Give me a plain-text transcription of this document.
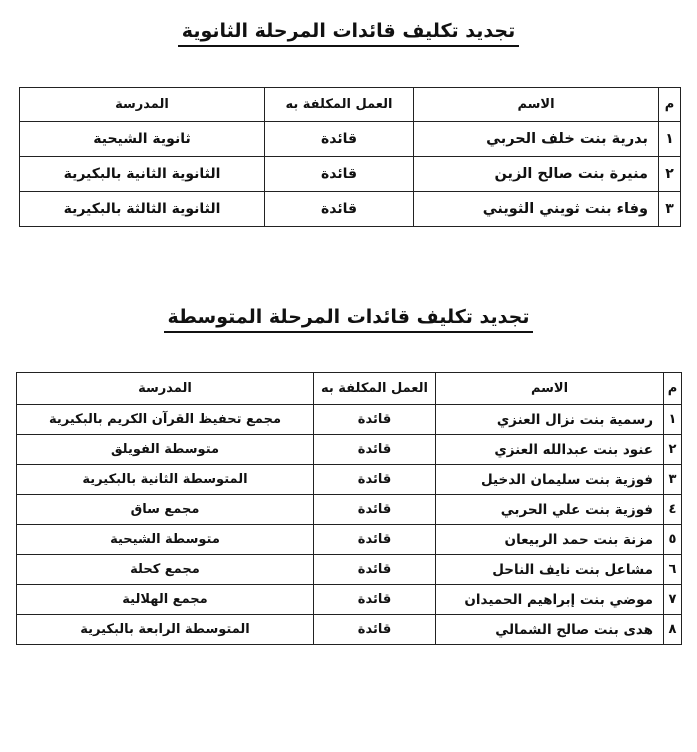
تجديد تكليف قائدات المرحلة الثانوية
م	الاسم	العمل المكلفة به	المدرسة
١	بدرية بنت خلف الحربي	قائدة	ثانوية الشيحية
٢	منيرة بنت صالح الزين	قائدة	الثانوية الثانية بالبكيرية
٣	وفاء بنت ثويني الثويني	قائدة	الثانوية الثالثة بالبكيرية
تجديد تكليف قائدات المرحلة المتوسطة
م	الاسم	العمل المكلفة به	المدرسة
١	رسمية بنت نزال العنزي	قائدة	مجمع تحفيظ القرآن الكريم بالبكيرية
٢	عنود بنت عبدالله العنزي	قائدة	متوسطة الفويلق
٣	فوزية بنت سليمان الدخيل	قائدة	المتوسطة الثانية بالبكيرية
٤	فوزية بنت علي الحربي	قائدة	مجمع ساق
٥	مزنة بنت حمد الربيعان	قائدة	متوسطة الشيحية
٦	مشاعل بنت نايف الناحل	قائدة	مجمع كحلة
٧	موضي بنت إبراهيم الحميدان	قائدة	مجمع الهلالية
٨	هدى بنت صالح الشمالي	قائدة	المتوسطة الرابعة بالبكيرية
